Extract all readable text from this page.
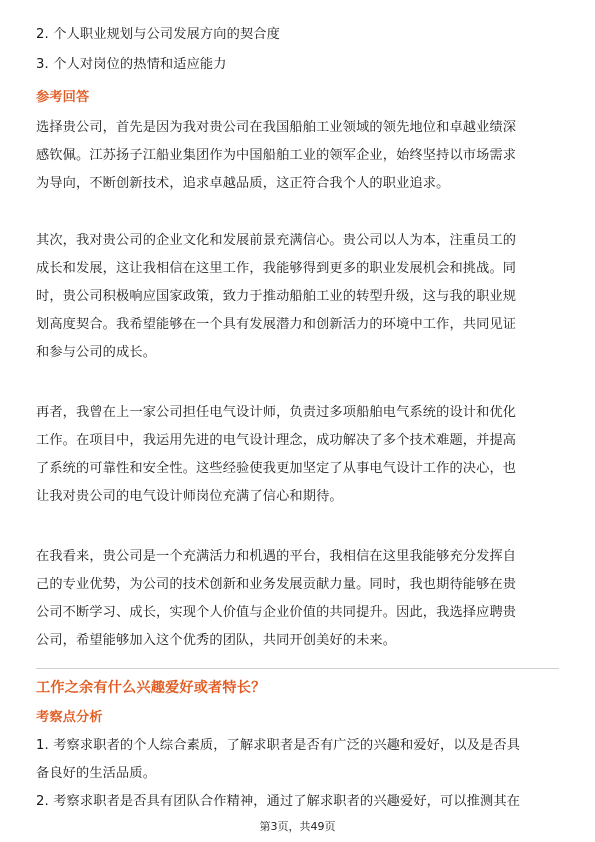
2. 个人职业规划与公司发展方向的契合度
3. 个人对岗位的热情和适应能力
参考回答
选择贵公司，首先是因为我对贵公司在我国船舶工业领域的领先地位和卓越业绩深
感钦佩。江苏扬子江船业集团作为中国船舶工业的领军企业，始终坚持以市场需求
为导向，不断创新技术，追求卓越品质，这正符合我个人的职业追求。
其次，我对贵公司的企业文化和发展前景充满信心。贵公司以人为本，注重员工的
成长和发展，这让我相信在这里工作，我能够得到更多的职业发展机会和挑战。同
时，贵公司积极响应国家政策，致力于推动船舶工业的转型升级，这与我的职业规
划高度契合。我希望能够在一个具有发展潜力和创新活力的环境中工作，共同见证
和参与公司的成长。
再者，我曾在上一家公司担任电气设计师，负责过多项船舶电气系统的设计和优化
工作。在项目中，我运用先进的电气设计理念，成功解决了多个技术难题，并提高
了系统的可靠性和安全性。这些经验使我更加坚定了从事电气设计工作的决心，也
让我对贵公司的电气设计师岗位充满了信心和期待。
在我看来，贵公司是一个充满活力和机遇的平台，我相信在这里我能够充分发挥自
己的专业优势，为公司的技术创新和业务发展贡献力量。同时，我也期待能够在贵
公司不断学习、成长，实现个人价值与企业价值的共同提升。因此，我选择应聘贵
公司，希望能够加入这个优秀的团队，共同开创美好的未来。
工作之余有什么兴趣爱好或者特长？
考察点分析
1. 考察求职者的个人综合素质，了解求职者是否有广泛的兴趣和爱好，以及是否具
备良好的生活品质。
2. 考察求职者是否具有团队合作精神，通过了解求职者的兴趣爱好，可以推测其在
第3页，共49页
